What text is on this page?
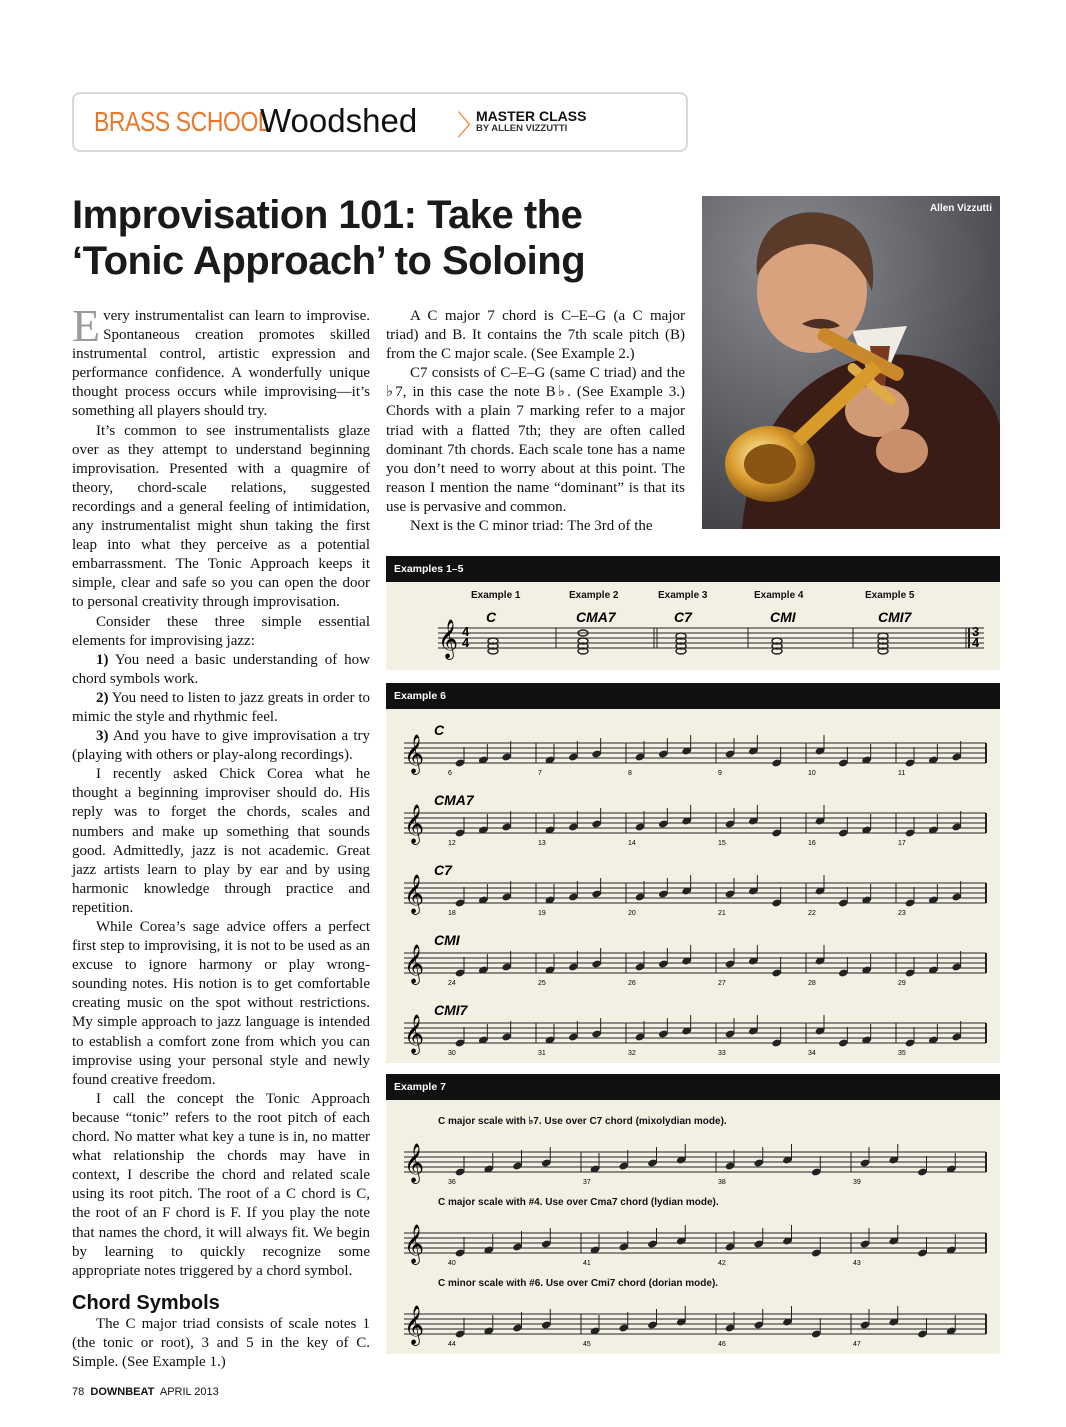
BRASS SCHOOL
Woodshed 〉
MASTER CLASS
BY ALLEN VIZZUTTI
Improvisation 101: Take the
‘Tonic Approach’ to Soloing
Allen Vizzutti
KIRA STEWART

Every instrumentalist can learn to improvise. Spontaneous creation promotes skilled instrumental control, artistic expression and performance confidence. A wonderfully unique thought process occurs while improvising—it’s something all players should try.

It’s common to see instrumentalists glaze over as they attempt to understand beginning improvisation. Presented with a quagmire of theory, chord-scale relations, suggested recordings and a general feeling of intimidation, any instrumentalist might shun taking the first leap into what they perceive as a potential embarrassment. The Tonic Approach keeps it simple, clear and safe so you can open the door to personal creativity through improvisation.

Consider these three simple essential elements for improvising jazz:

1) You need a basic understanding of how chord symbols work.

2) You need to listen to jazz greats in order to mimic the style and rhythmic feel.

3) And you have to give improvisation a try (playing with others or play-along recordings).

I recently asked Chick Corea what he thought a beginning improviser should do. His reply was to forget the chords, scales and numbers and make up something that sounds good. Admittedly, jazz is not academic. Great jazz artists learn to play by ear and by using harmonic knowledge through practice and repetition.

While Corea’s sage advice offers a perfect first step to improvising, it is not to be used as an excuse to ignore harmony or play wrong-sounding notes. His notion is to get comfortable creating music on the spot without restrictions. My simple approach to jazz language is intended to establish a comfort zone from which you can improvise using your personal style and newly found creative freedom.

I call the concept the Tonic Approach because “tonic” refers to the root pitch of each chord. No matter what key a tune is in, no matter what relationship the chords may have in context, I describe the chord and related scale using its root pitch. The root of a C chord is C, the root of an F chord is F. If you play the note that names the chord, it will always fit. We begin by learning to quickly recognize some appropriate notes triggered by a chord symbol.

Chord Symbols

The C major triad consists of scale notes 1 (the tonic or root), 3 and 5 in the key of C. Simple. (See Example 1.)

A C major 7 chord is C–E–G (a C major triad) and B. It contains the 7th scale pitch (B) from the C major scale. (See Example 2.)

C7 consists of C–E–G (same C triad) and the ♭7, in this case the note B♭. (See Example 3.) Chords with a plain 7 marking refer to a major triad with a flatted 7th; they are often called dominant 7th chords. Each scale tone has a name you don’t need to worry about at this point. The reason I mention the name “dominant” is that its use is pervasive and common.

Next is the C minor triad: The 3rd of the

Examples 1–5
Example 1	Example 2	Example 3	Example 4	Example 5
𝄞 4
4
3
4
C	CMA7	C7	CMI	CMI7
Example 6
𝄞	6	7	8	9	10	11
C
𝄞	12	13	14	15	16	17
CMA7
𝄞	18	19	20	21	22	23
C7
𝄞	24	25	26	27	28	29
CMI
𝄞	30	31	32	33	34	35
CMI7
Example 7
C major scale with ♭7. Use over C7 chord (mixolydian mode).
C major scale with #4. Use over Cma7 chord (lydian mode).
C minor scale with #6. Use over Cmi7 chord (dorian mode).
𝄞	36	37	38	39
𝄞	40	41	42	43
𝄞	44	45	46	47
78 DOWNBEAT APRIL 2013
